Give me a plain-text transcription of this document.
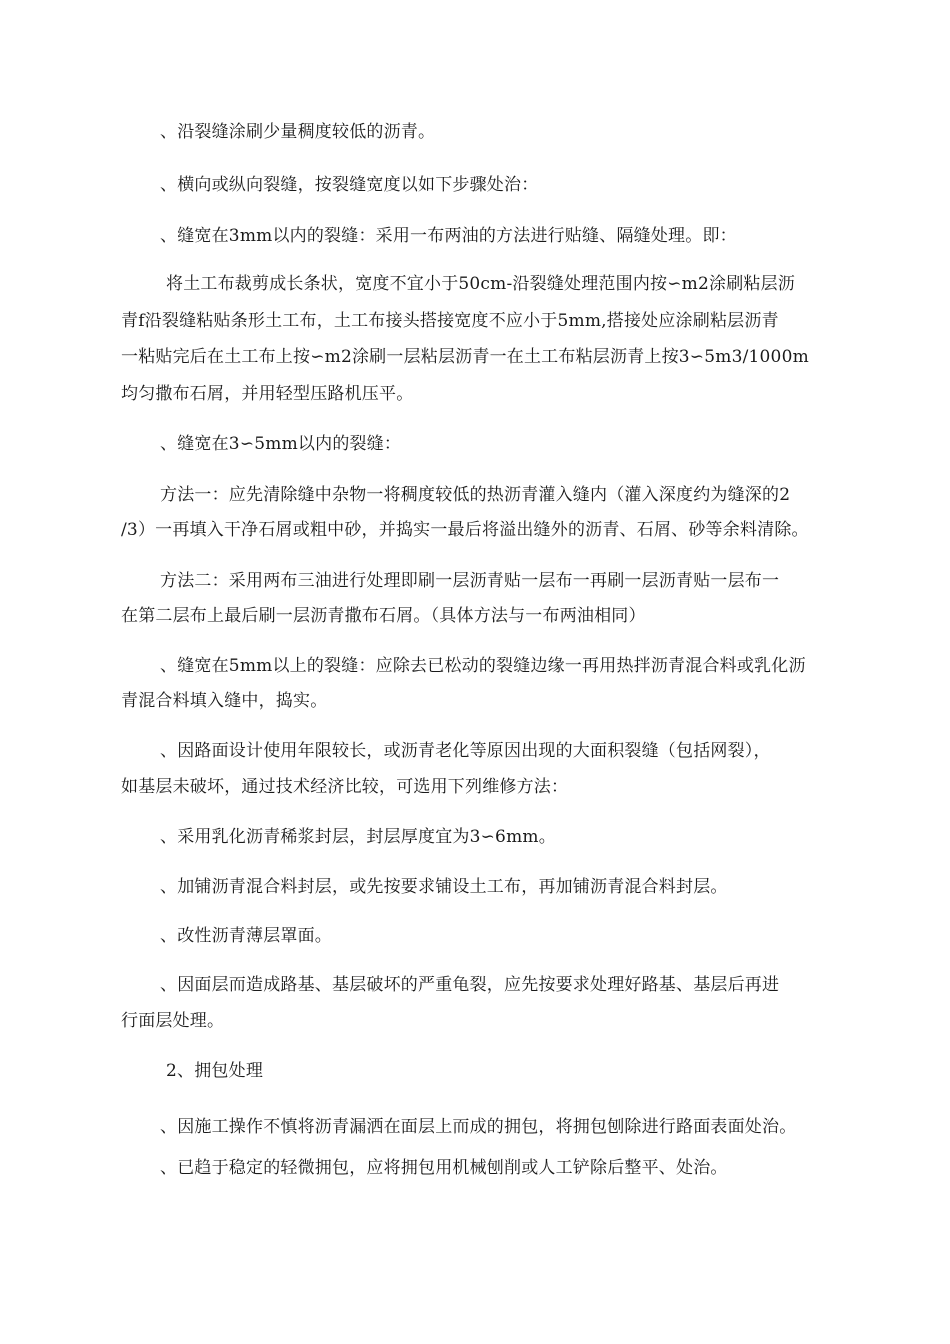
、沿裂缝涂刷少量稠度较低的沥青。
、横向或纵向裂缝，按裂缝宽度以如下步骤处治：
、缝宽在3mm以内的裂缝：采用一布两油的方法进行贴缝、隔缝处理。即：
将土工布裁剪成长条状，宽度不宜小于50cm-沿裂缝处理范围内按∽m2涂刷粘层沥
青f沿裂缝粘贴条形土工布，土工布接头搭接宽度不应小于5mm,搭接处应涂刷粘层沥青
一粘贴完后在土工布上按∽m2涂刷一层粘层沥青一在土工布粘层沥青上按3∽5m3/1000m
均匀撒布石屑，并用轻型压路机压平。
、缝宽在3∽5mm以内的裂缝：
方法一：应先清除缝中杂物一将稠度较低的热沥青灌入缝内（灌入深度约为缝深的2
/3）一再填入干净石屑或粗中砂，并捣实一最后将溢出缝外的沥青、石屑、砂等余料清除。
方法二：采用两布三油进行处理即刷一层沥青贴一层布一再刷一层沥青贴一层布一
在第二层布上最后刷一层沥青撒布石屑。（具体方法与一布两油相同）
、缝宽在5mm以上的裂缝：应除去已松动的裂缝边缘一再用热拌沥青混合料或乳化沥
青混合料填入缝中，捣实。
、因路面设计使用年限较长，或沥青老化等原因出现的大面积裂缝（包括网裂），
如基层未破坏，通过技术经济比较，可选用下列维修方法：
、采用乳化沥青稀浆封层，封层厚度宜为3∽6mm。
、加铺沥青混合料封层，或先按要求铺设土工布，再加铺沥青混合料封层。
、改性沥青薄层罩面。
、因面层而造成路基、基层破坏的严重龟裂，应先按要求处理好路基、基层后再进
行面层处理。
2、拥包处理
、因施工操作不慎将沥青漏洒在面层上而成的拥包，将拥包刨除进行路面表面处治。
、已趋于稳定的轻微拥包，应将拥包用机械刨削或人工铲除后整平、处治。
